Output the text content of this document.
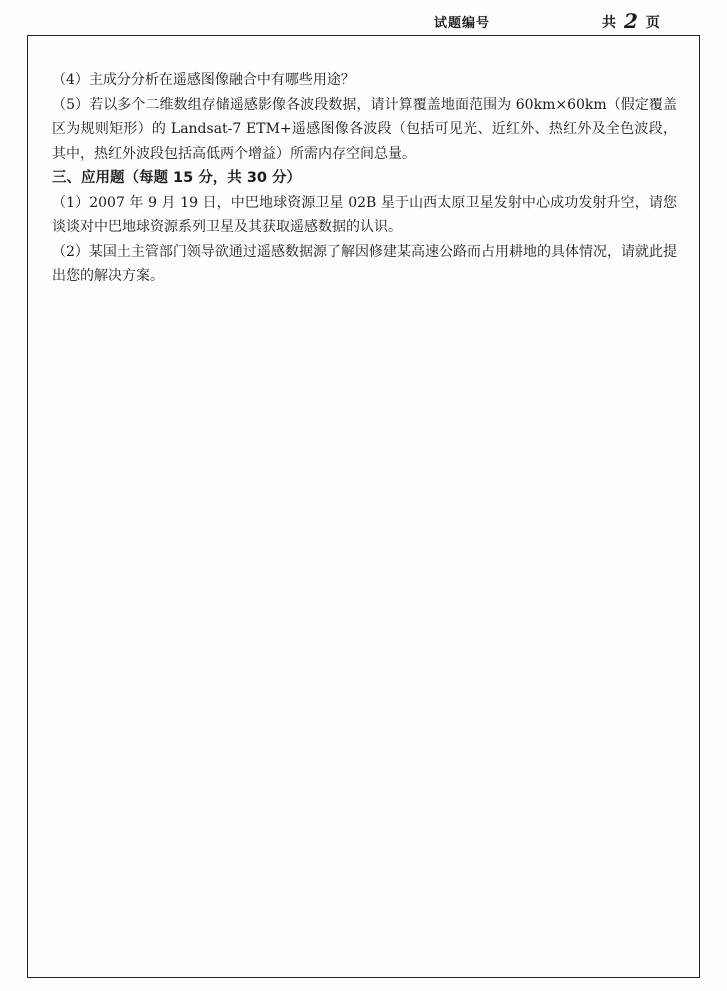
试题编号	共 2 页

（4）主成分分析在遥感图像融合中有哪些用途？

（5）若以多个二维数组存储遥感影像各波段数据，请计算覆盖地面范围为 60km×60km（假定覆盖区为规则矩形）的 Landsat-7 ETM+遥感图像各波段（包括可见光、近红外、热红外及全色波段，其中，热红外波段包括高低两个增益）所需内存空间总量。

三、应用题（每题 15 分，共 30 分）

（1）2007 年 9 月 19 日，中巴地球资源卫星 02B 星于山西太原卫星发射中心成功发射升空，请您谈谈对中巴地球资源系列卫星及其获取遥感数据的认识。

（2）某国土主管部门领导欲通过遥感数据源了解因修建某高速公路而占用耕地的具体情况，请就此提出您的解决方案。
